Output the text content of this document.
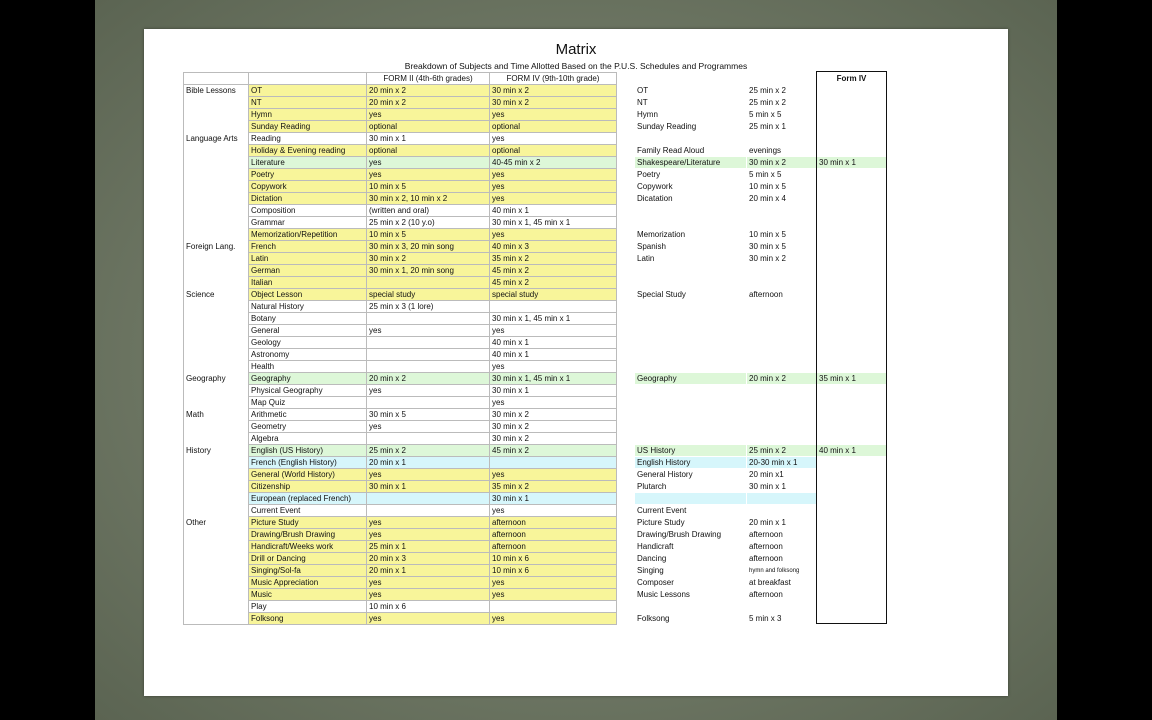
Matrix
Breakdown of Subjects and Time Allotted Based on the P.U.S. Schedules and Programmes
		FORM II (4th-6th grades)	FORM IV (9th-10th grade)
Bible Lessons	OT	20 min x 2	30 min x 2
	NT	20 min x 2	30 min x 2
	Hymn	yes	yes
	Sunday Reading	optional	optional
Language Arts	Reading	30 min x 1	yes
	Holiday & Evening reading	optional	optional
	Literature	yes	40-45 min x 2
	Poetry	yes	yes
	Copywork	10 min x 5	yes
	Dictation	30 min x 2, 10 min x 2	yes
	Composition	(written and oral)	40 min x 1
	Grammar	25 min x 2 (10 y.o)	30 min x 1, 45 min x 1
	Memorization/Repetition	10 min x 5	yes
Foreign Lang.	French	30 min x 3, 20 min song	40 min x 3
	Latin	30 min x 2	35 min x 2
	German	30 min x 1, 20 min song	45 min x 2
	Italian		45 min x 2
Science	Object Lesson	special study	special study
	Natural History	25 min x 3 (1 lore)	
	Botany		30 min x 1, 45 min x 1
	General	yes	yes
	Geology		40 min x 1
	Astronomy		40 min x 1
	Health		yes
Geography	Geography	20 min x 2	30 min x 1, 45 min x 1
	Physical Geography	yes	30 min x 1
	Map Quiz		yes
Math	Arithmetic	30 min x 5	30 min x 2
	Geometry	yes	30 min x 2
	Algebra		30 min x 2
History	English (US History)	25 min x 2	45 min x 2
	French (English History)	20 min x 1	
	General (World History)	yes	yes
	Citizenship	30 min x 1	35 min x 2
	European (replaced French)		30 min x 1
	Current Event		yes
Other	Picture Study	yes	afternoon
	Drawing/Brush Drawing	yes	afternoon
	Handicraft/Weeks work	25 min x 1	afternoon
	Drill or Dancing	20 min x 3	10 min x 6
	Singing/Sol-fa	20 min x 1	10 min x 6
	Music Appreciation	yes	yes
	Music	yes	yes
	Play	10 min x 6	
	Folksong	yes	yes
		Form IV
OT	25 min x 2	
NT	25 min x 2	
Hymn	5 min x 5	
Sunday Reading	25 min x 1	

Family Read Aloud	evenings	
Shakespeare/Literature	30 min x 2	30 min x 1
Poetry	5 min x 5	
Copywork	10 min x 5	
Dicatation	20 min x 4	

Memorization	10 min x 5	
Spanish	30 min x 5	
Latin	30 min x 2	

Special Study	afternoon	

Geography	20 min x 2	35 min x 1

US History	25 min x 2	40 min x 1
English History	20-30 min x 1	
General History	20 min x1	
Plutarch	30 min x 1	

Current Event		
Picture Study	20 min x 1	
Drawing/Brush Drawing	afternoon	
Handicraft	afternoon	
Dancing	afternoon	
Singing	hymn and folksong	
Composer	at breakfast	
Music Lessons	afternoon	

Folksong	5 min x 3	
